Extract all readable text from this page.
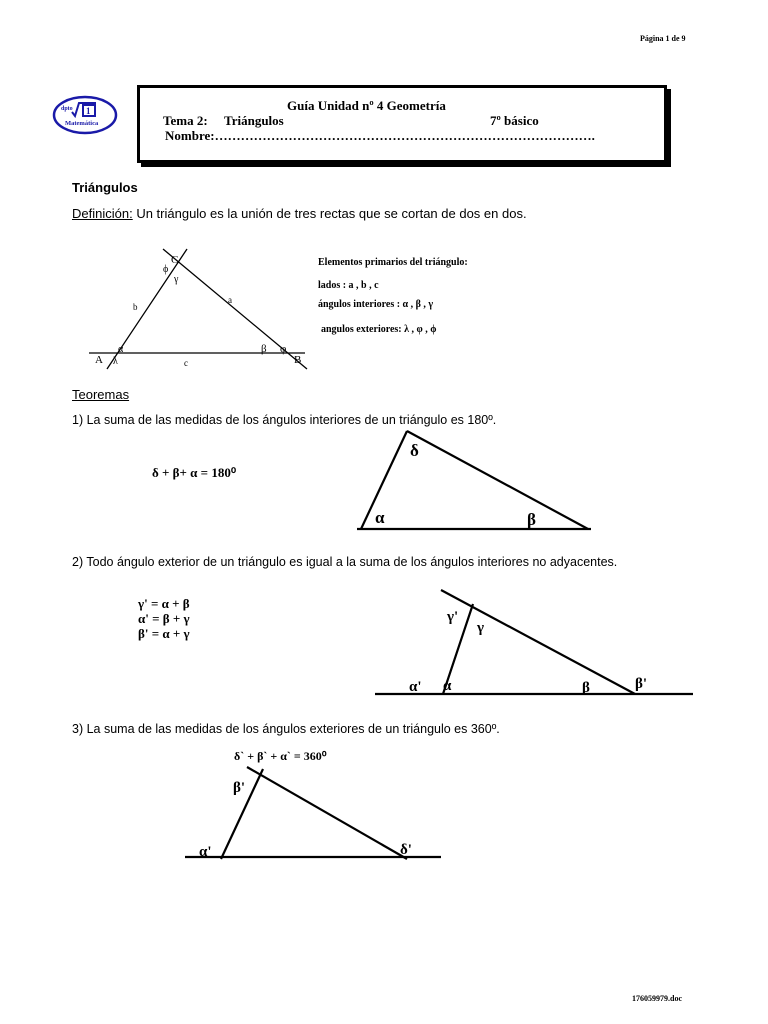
Página 1 de 9
1
dpto
Matemática
Guía Unidad nº 4 Geometría
Tema 2: Triángulos	7º básico
Nombre:…………………………………………………………………………….
Triángulos
Definición: Un triángulo es la unión de tres rectas que se cortan de dos en dos.
C
ϕ
γ
b
a
α
A λ	c
β φ
B
Elementos primarios del triángulo:
lados : a , b , c
ángulos interiores : α , β , γ
angulos exteriores: λ , φ , ϕ
Teoremas
1) La suma de las medidas de los ángulos interiores de un triángulo es 180º.
δ + β+ α = 180⁰
δ
α	β
2) Todo ángulo exterior de un triángulo es igual a la suma de los ángulos interiores no adyacentes.
γ' = α + β
α' = β + γ
β' = α + γ
γ'
γ
α' α	β	β'
3) La suma de las medidas de los ángulos exteriores de un triángulo es 360º.
δ` + β` + α` = 360⁰
β'
α'	δ'
176059979.doc
